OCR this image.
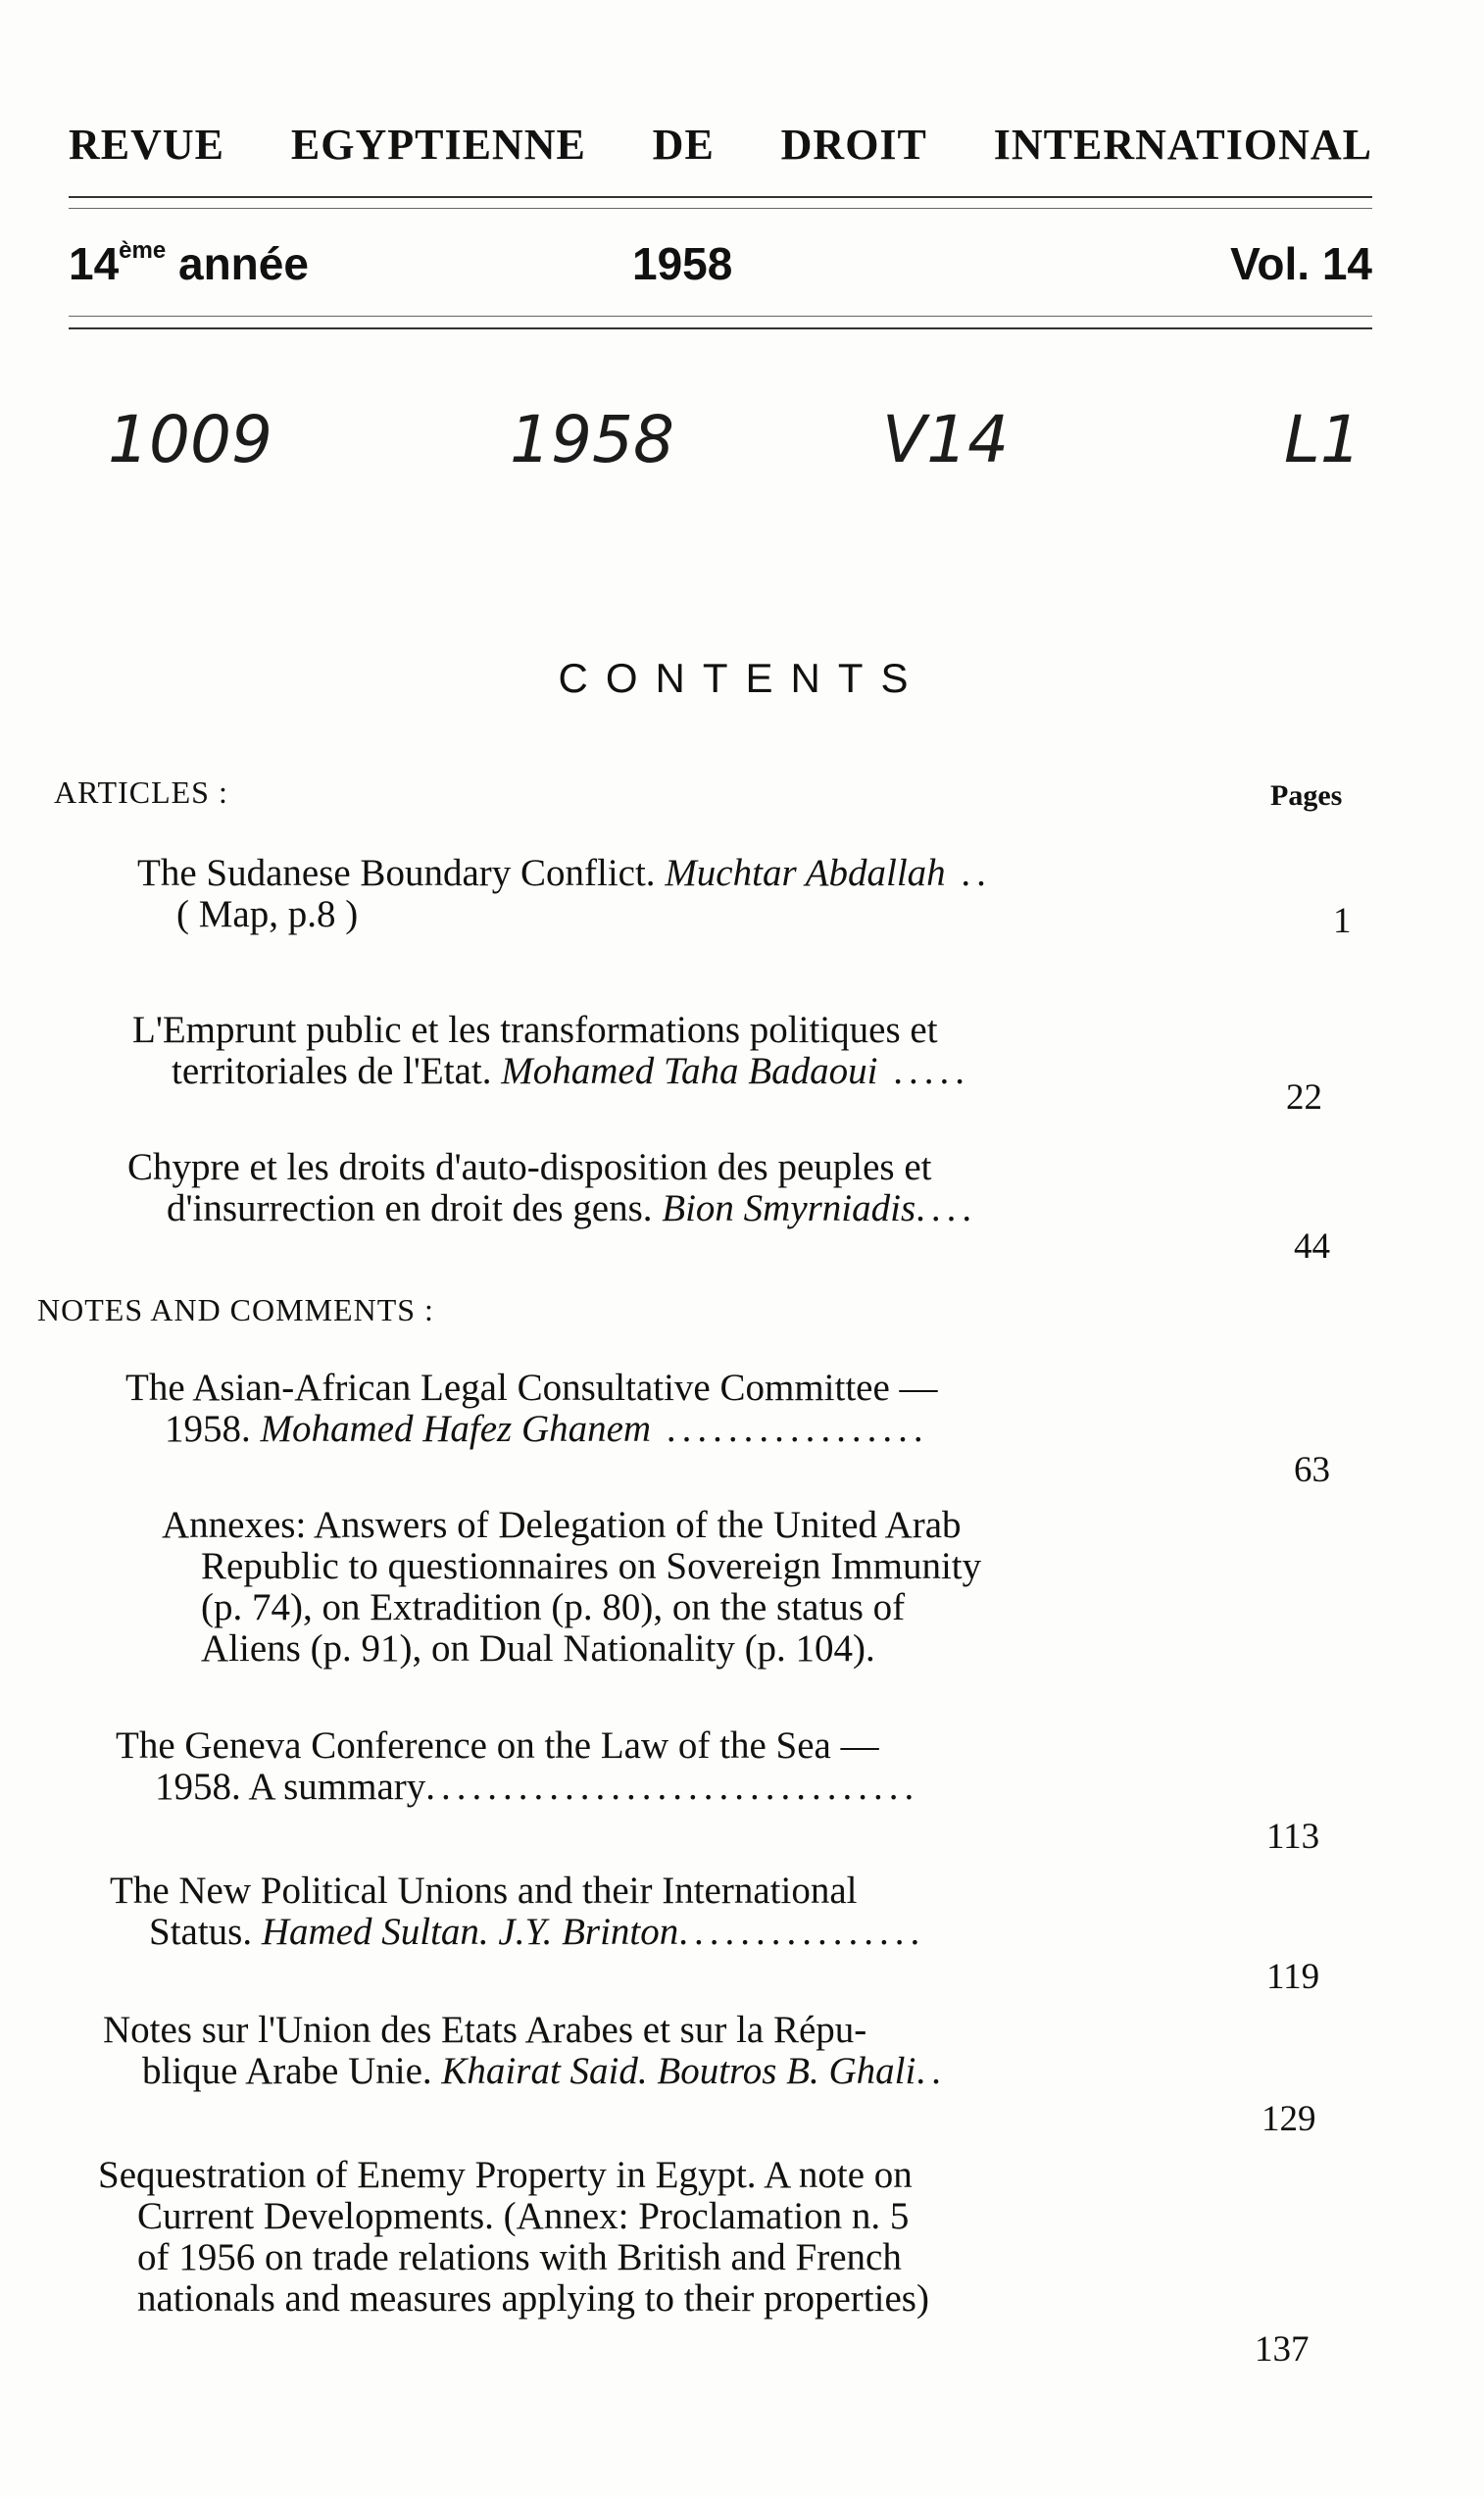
REVUE EGYPTIENNE DE DROIT INTERNATIONAL
14ème année	1958	Vol. 14
1009	1958	V14	L1
CONTENTS
ARTICLES :	Pages
The Sudanese Boundary Conflict. Muchtar Abdallah ..
( Map, p.8 )	1
L'Emprunt public et les transformations politiques et
territoriales de l'Etat. Mohamed Taha Badaoui .....
22
Chypre et les droits d'auto-disposition des peuples et
d'insurrection en droit des gens. Bion Smyrniadis....
44
NOTES AND COMMENTS :
The Asian-African Legal Consultative Committee —
1958. Mohamed Hafez Ghanem .................
63
Annexes: Answers of Delegation of the United Arab
Republic to questionnaires on Sovereign Immunity
(p. 74), on Extradition (p. 80), on the status of
Aliens (p. 91), on Dual Nationality (p. 104).
The Geneva Conference on the Law of the Sea —
1958. A summary................................
113
The New Political Unions and their International
Status. Hamed Sultan. J.Y. Brinton................
119
Notes sur l'Union des Etats Arabes et sur la Répu-
blique Arabe Unie. Khairat Said. Boutros B. Ghali..
129
Sequestration of Enemy Property in Egypt. A note on
Current Developments. (Annex: Proclamation n. 5
of 1956 on trade relations with British and French
nationals and measures applying to their properties)
137
